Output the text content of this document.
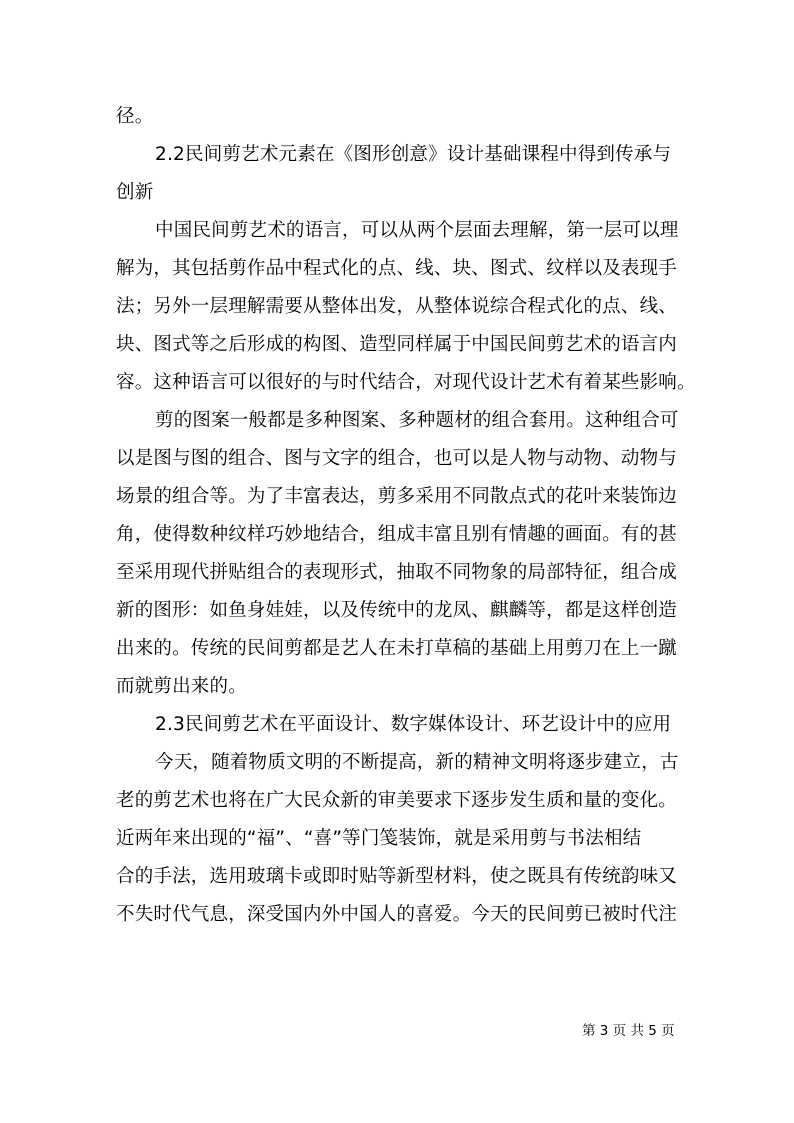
径。
2.2民间剪艺术元素在《图形创意》设计基础课程中得到传承与
创新
中国民间剪艺术的语言，可以从两个层面去理解，第一层可以理
解为，其包括剪作品中程式化的点、线、块、图式、纹样以及表现手
法；另外一层理解需要从整体出发，从整体说综合程式化的点、线、
块、图式等之后形成的构图、造型同样属于中国民间剪艺术的语言内
容。这种语言可以很好的与时代结合，对现代设计艺术有着某些影响。
剪的图案一般都是多种图案、多种题材的组合套用。这种组合可
以是图与图的组合、图与文字的组合，也可以是人物与动物、动物与
场景的组合等。为了丰富表达，剪多采用不同散点式的花叶来装饰边
角，使得数种纹样巧妙地结合，组成丰富且别有情趣的画面。有的甚
至采用现代拼贴组合的表现形式，抽取不同物象的局部特征，组合成
新的图形：如鱼身娃娃，以及传统中的龙凤、麒麟等，都是这样创造
出来的。传统的民间剪都是艺人在未打草稿的基础上用剪刀在上一蹴
而就剪出来的。
2.3民间剪艺术在平面设计、数字媒体设计、环艺设计中的应用
今天，随着物质文明的不断提高，新的精神文明将逐步建立，古
老的剪艺术也将在广大民众新的审美要求下逐步发生质和量的变化。
近两年来出现的“福”、“喜”等门笺装饰，就是采用剪与书法相结
合的手法，选用玻璃卡或即时贴等新型材料，使之既具有传统韵味又
不失时代气息，深受国内外中国人的喜爱。今天的民间剪已被时代注
第 3 页 共 5 页
